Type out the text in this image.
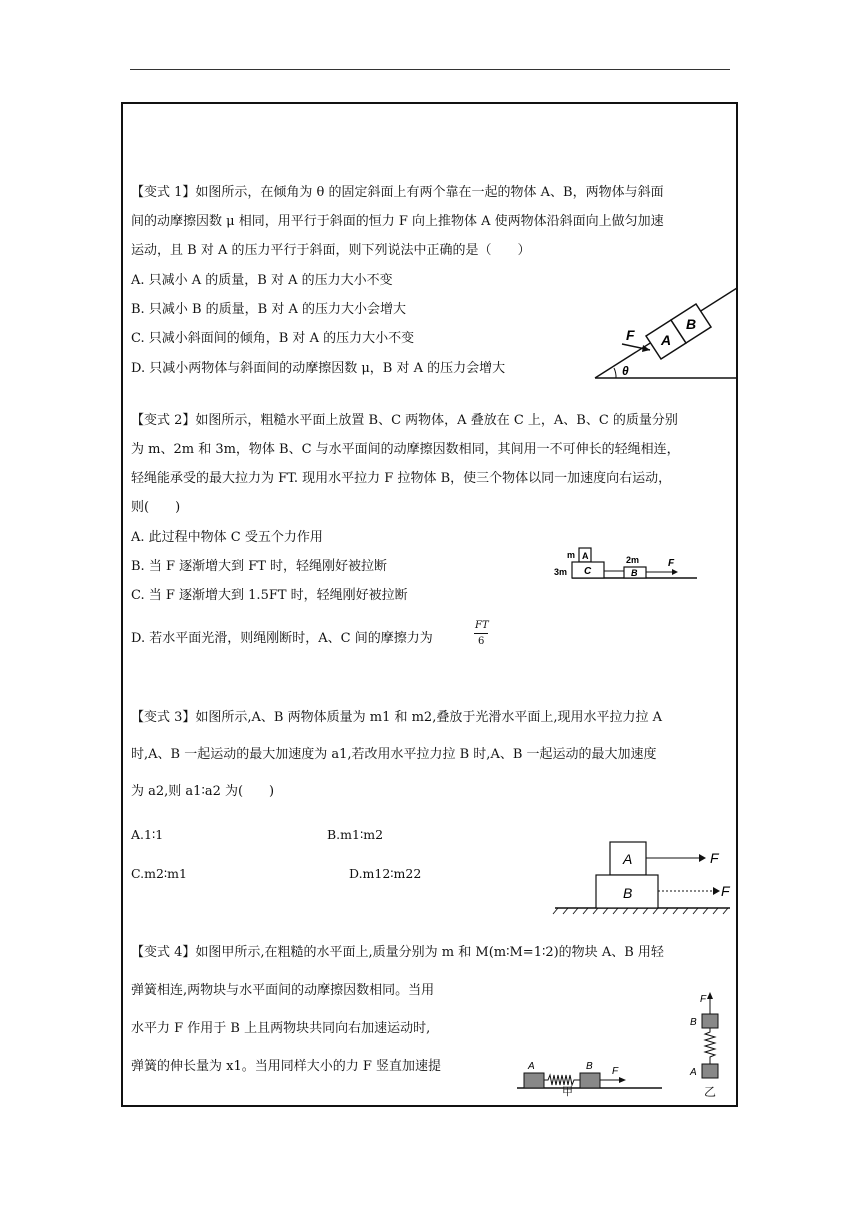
【变式 1】如图所示，在倾角为 θ 的固定斜面上有两个靠在一起的物体 A、B，两物体与斜面
间的动摩擦因数 μ 相同，用平行于斜面的恒力 F 向上推物体 A 使两物体沿斜面向上做匀加速
运动，且 B 对 A 的压力平行于斜面，则下列说法中正确的是（　　）
A. 只减小 A 的质量，B 对 A 的压力大小不变
B. 只减小 B 的质量，B 对 A 的压力大小会增大
C. 只减小斜面间的倾角，B 对 A 的压力大小不变
D. 只减小两物体与斜面间的动摩擦因数 μ，B 对 A 的压力会增大
F A
B
θ
【变式 2】如图所示，粗糙水平面上放置 B、C 两物体，A 叠放在 C 上，A、B、C 的质量分别
为 m、2m 和 3m，物体 B、C 与水平面间的动摩擦因数相同，其间用一不可伸长的轻绳相连，
轻绳能承受的最大拉力为 FT. 现用水平拉力 F 拉物体 B，使三个物体以同一加速度向右运动，
则(　　)
A. 此过程中物体 C 受五个力作用
B. 当 F 逐渐增大到 FT 时，轻绳刚好被拉断
C. 当 F 逐渐增大到 1.5FT 时，轻绳刚好被拉断
D. 若水平面光滑，则绳刚断时，A、C 间的摩擦力为
FT
6
m A
3m C
2m
B
F
【变式 3】如图所示,A、B 两物体质量为 m1 和 m2,叠放于光滑水平面上,现用水平拉力拉 A
时,A、B 一起运动的最大加速度为 a1,若改用水平拉力拉 B 时,A、B 一起运动的最大加速度
为 a2,则 a1∶a2 为(　　)
A.1∶1	B.m1∶m2
C.m2∶m1	D.m12∶m22
A
B
F
F
【变式 4】如图甲所示,在粗糙的水平面上,质量分别为 m 和 M(m∶M=1∶2)的物块 A、B 用轻
弹簧相连,两物块与水平面间的动摩擦因数相同。当用
水平力 F 作用于 B 上且两物块共同向右加速运动时,
弹簧的伸长量为 x1。当用同样大小的力 F 竖直加速提	A	B F
甲
F
B
A
乙
